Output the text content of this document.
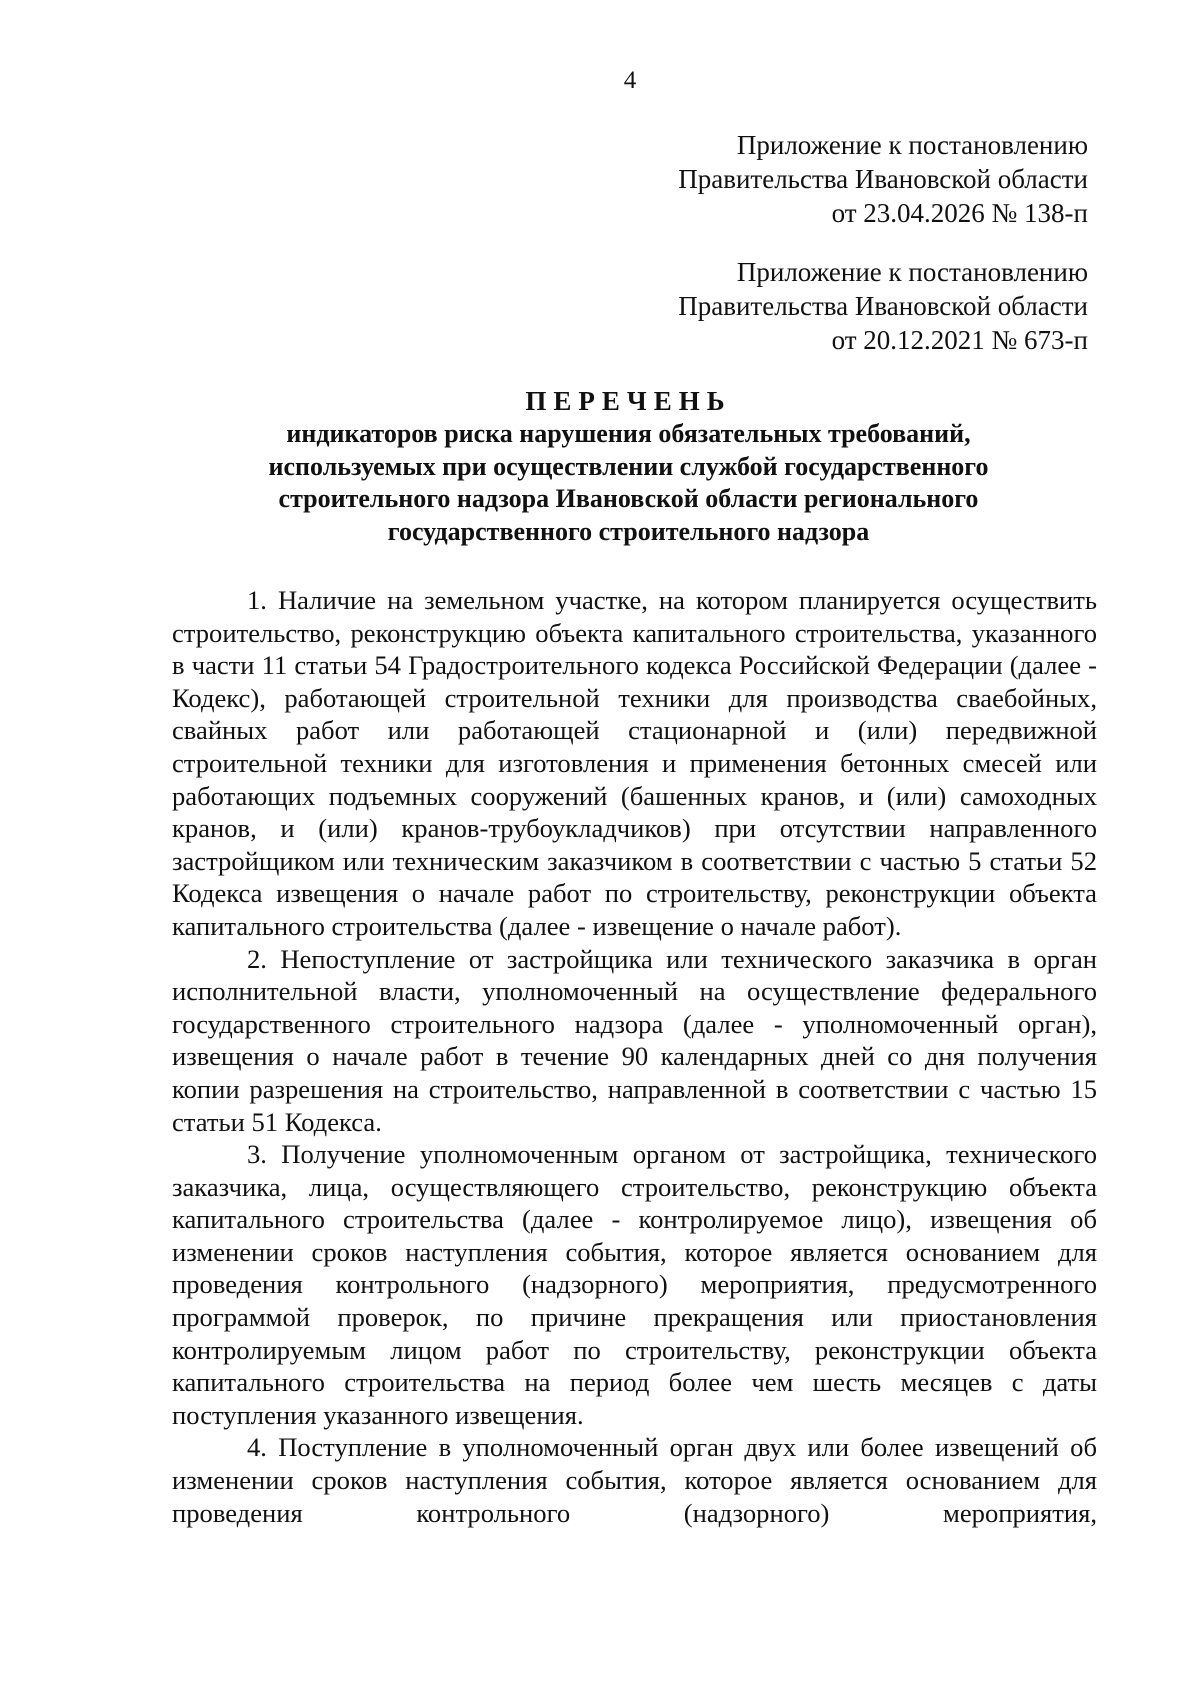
4
Приложение к постановлению
Правительства Ивановской области
от 23.04.2026 № 138-п
Приложение к постановлению
Правительства Ивановской области
от 20.12.2021 № 673-п
ПЕРЕЧЕНЬ
индикаторов риска нарушения обязательных требований,
используемых при осуществлении службой государственного
строительного надзора Ивановской области регионального
государственного строительного надзора

1. Наличие на земельном участке, на котором планируется осуществить строительство, реконструкцию объекта капитального строительства, указанного в части 11 статьи 54 Градостроительного кодекса Российской Федерации (далее - Кодекс), работающей строительной техники для производства сваебойных, свайных работ или работающей стационарной и (или) передвижной строительной техники для изготовления и применения бетонных смесей или работающих подъемных сооружений (башенных кранов, и (или) самоходных кранов, и (или) кранов-трубоукладчиков) при отсутствии направленного застройщиком или техническим заказчиком в соответствии с частью 5 статьи 52 Кодекса извещения о начале работ по строительству, реконструкции объекта капитального строительства (далее - извещение о начале работ).

2. Непоступление от застройщика или технического заказчика в орган исполнительной власти, уполномоченный на осуществление федерального государственного строительного надзора (далее - уполномоченный орган), извещения о начале работ в течение 90 календарных дней со дня получения копии разрешения на строительство, направленной в соответствии с частью 15 статьи 51 Кодекса.

3. Получение уполномоченным органом от застройщика, технического заказчика, лица, осуществляющего строительство, реконструкцию объекта капитального строительства (далее - контролируемое лицо), извещения об изменении сроков наступления события, которое является основанием для проведения контрольного (надзорного) мероприятия, предусмотренного программой проверок, по причине прекращения или приостановления контролируемым лицом работ по строительству, реконструкции объекта капитального строительства на период более чем шесть месяцев с даты поступления указанного извещения.

4. Поступление в уполномоченный орган двух или более извещений об изменении сроков наступления события, которое является основанием для проведения контрольного (надзорного) мероприятия,
